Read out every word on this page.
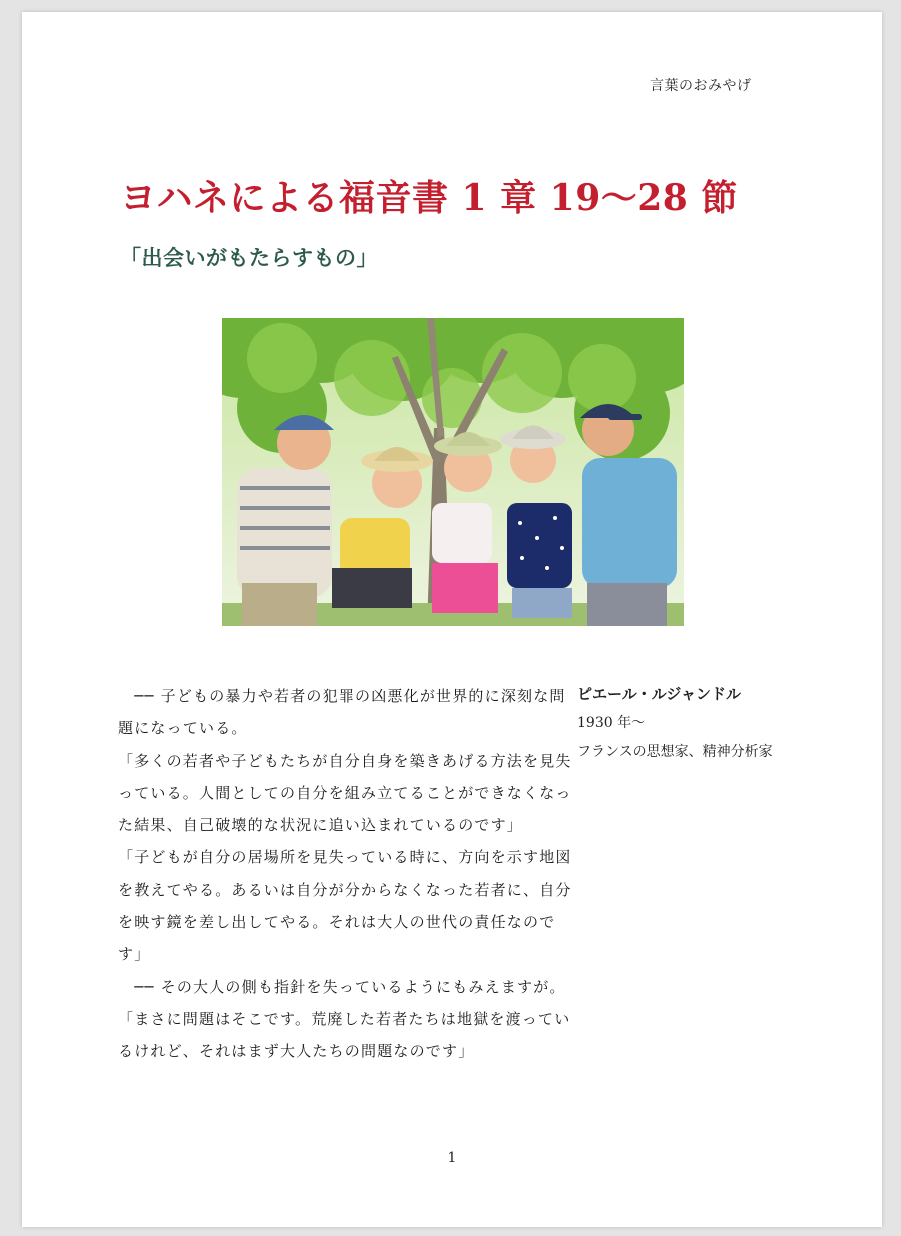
言葉のおみやげ
ヨハネによる福音書 1 章 19〜28 節
「出会いがもたらすもの」

　── 子どもの暴力や若者の犯罪の凶悪化が世界的に深刻な問題になっている。

「多くの若者や子どもたちが自分自身を築きあげる方法を見失っている。人間としての自分を組み立てることができなくなった結果、自己破壊的な状況に追い込まれているのです」

「子どもが自分の居場所を見失っている時に、方向を示す地図を教えてやる。あるいは自分が分からなくなった若者に、自分を映す鏡を差し出してやる。それは大人の世代の責任なのです」

　── その大人の側も指針を失っているようにもみえますが。

「まさに問題はそこです。荒廃した若者たちは地獄を渡っているけれど、それはまず大人たちの問題なのです」

ピエール・ルジャンドル
1930 年〜
フランスの思想家、精神分析家
1
